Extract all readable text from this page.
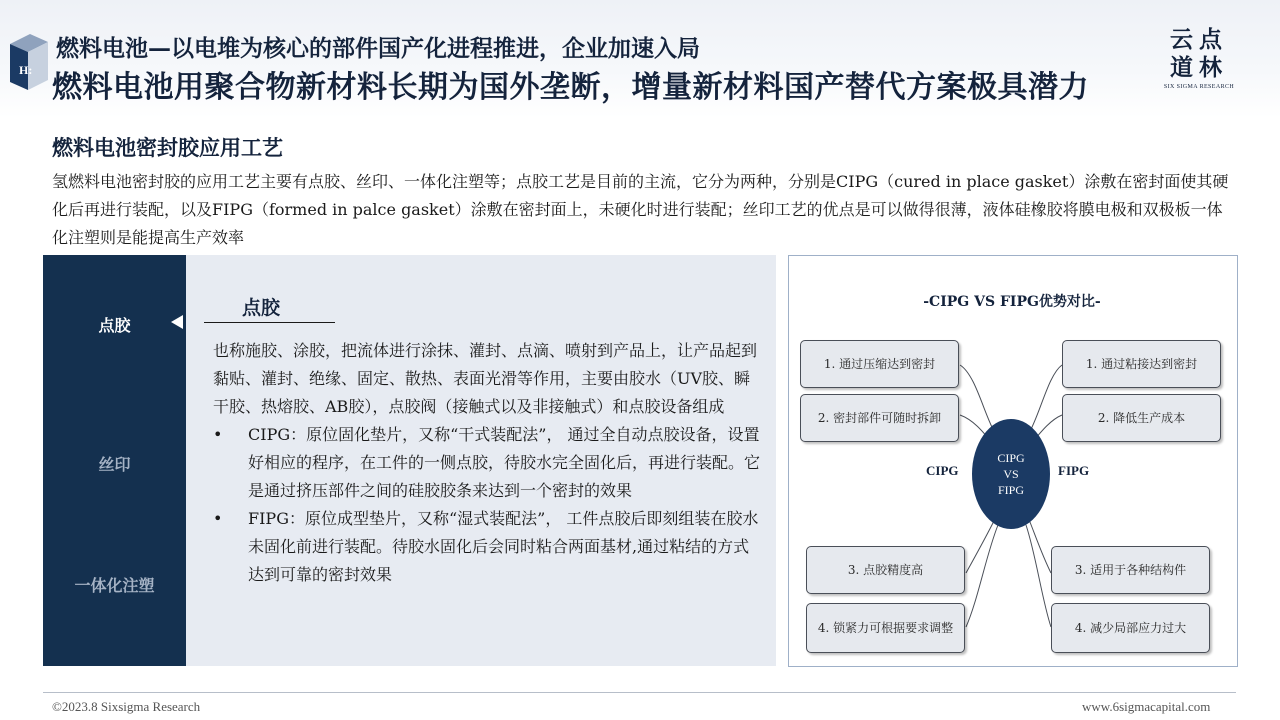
H:
燃料电池—以电堆为核心的部件国产化进程推进，企业加速入局
燃料电池用聚合物新材料长期为国外垄断，增量新材料国产替代方案极具潜力
云点
道林
SIX SIGMA RESEARCH
燃料电池密封胶应用工艺
氢燃料电池密封胶的应用工艺主要有点胶、丝印、一体化注塑等；点胶工艺是目前的主流，它分为两种，分别是CIPG（cured in place gasket）涂敷在密封面使其硬化后再进行装配，以及FIPG（formed in palce gasket）涂敷在密封面上，未硬化时进行装配；丝印工艺的优点是可以做得很薄，液体硅橡胶将膜电极和双极板一体化注塑则是能提高生产效率
点胶
丝印
一体化注塑
点胶
也称施胶、涂胶，把流体进行涂抹、灌封、点滴、喷射到产品上，让产品起到黏贴、灌封、绝缘、固定、散热、表面光滑等作用，主要由胶水（UV胶、瞬干胶、热熔胶、AB胶），点胶阀（接触式以及非接触式）和点胶设备组成
• CIPG：原位固化垫片，又称“干式装配法”， 通过全自动点胶设备，设置好相应的程序，在工件的一侧点胶，待胶水完全固化后，再进行装配。它是通过挤压部件之间的硅胶胶条来达到一个密封的效果
• FIPG：原位成型垫片，又称“湿式装配法”， 工件点胶后即刻组装在胶水未固化前进行装配。待胶水固化后会同时粘合两面基材,通过粘结的方式达到可靠的密封效果
-CIPG VS FIPG优势对比-
1. 通过压缩达到密封
2. 密封部件可随时拆卸
3. 点胶精度高
4. 锁紧力可根据要求调整
1. 通过粘接达到密封
2. 降低生产成本
3. 适用于各种结构件
4. 减少局部应力过大
CIPG
VS
FIPG
CIPG	FIPG
©2023.8 Sixsigma Research	www.6sigmacapital.com
